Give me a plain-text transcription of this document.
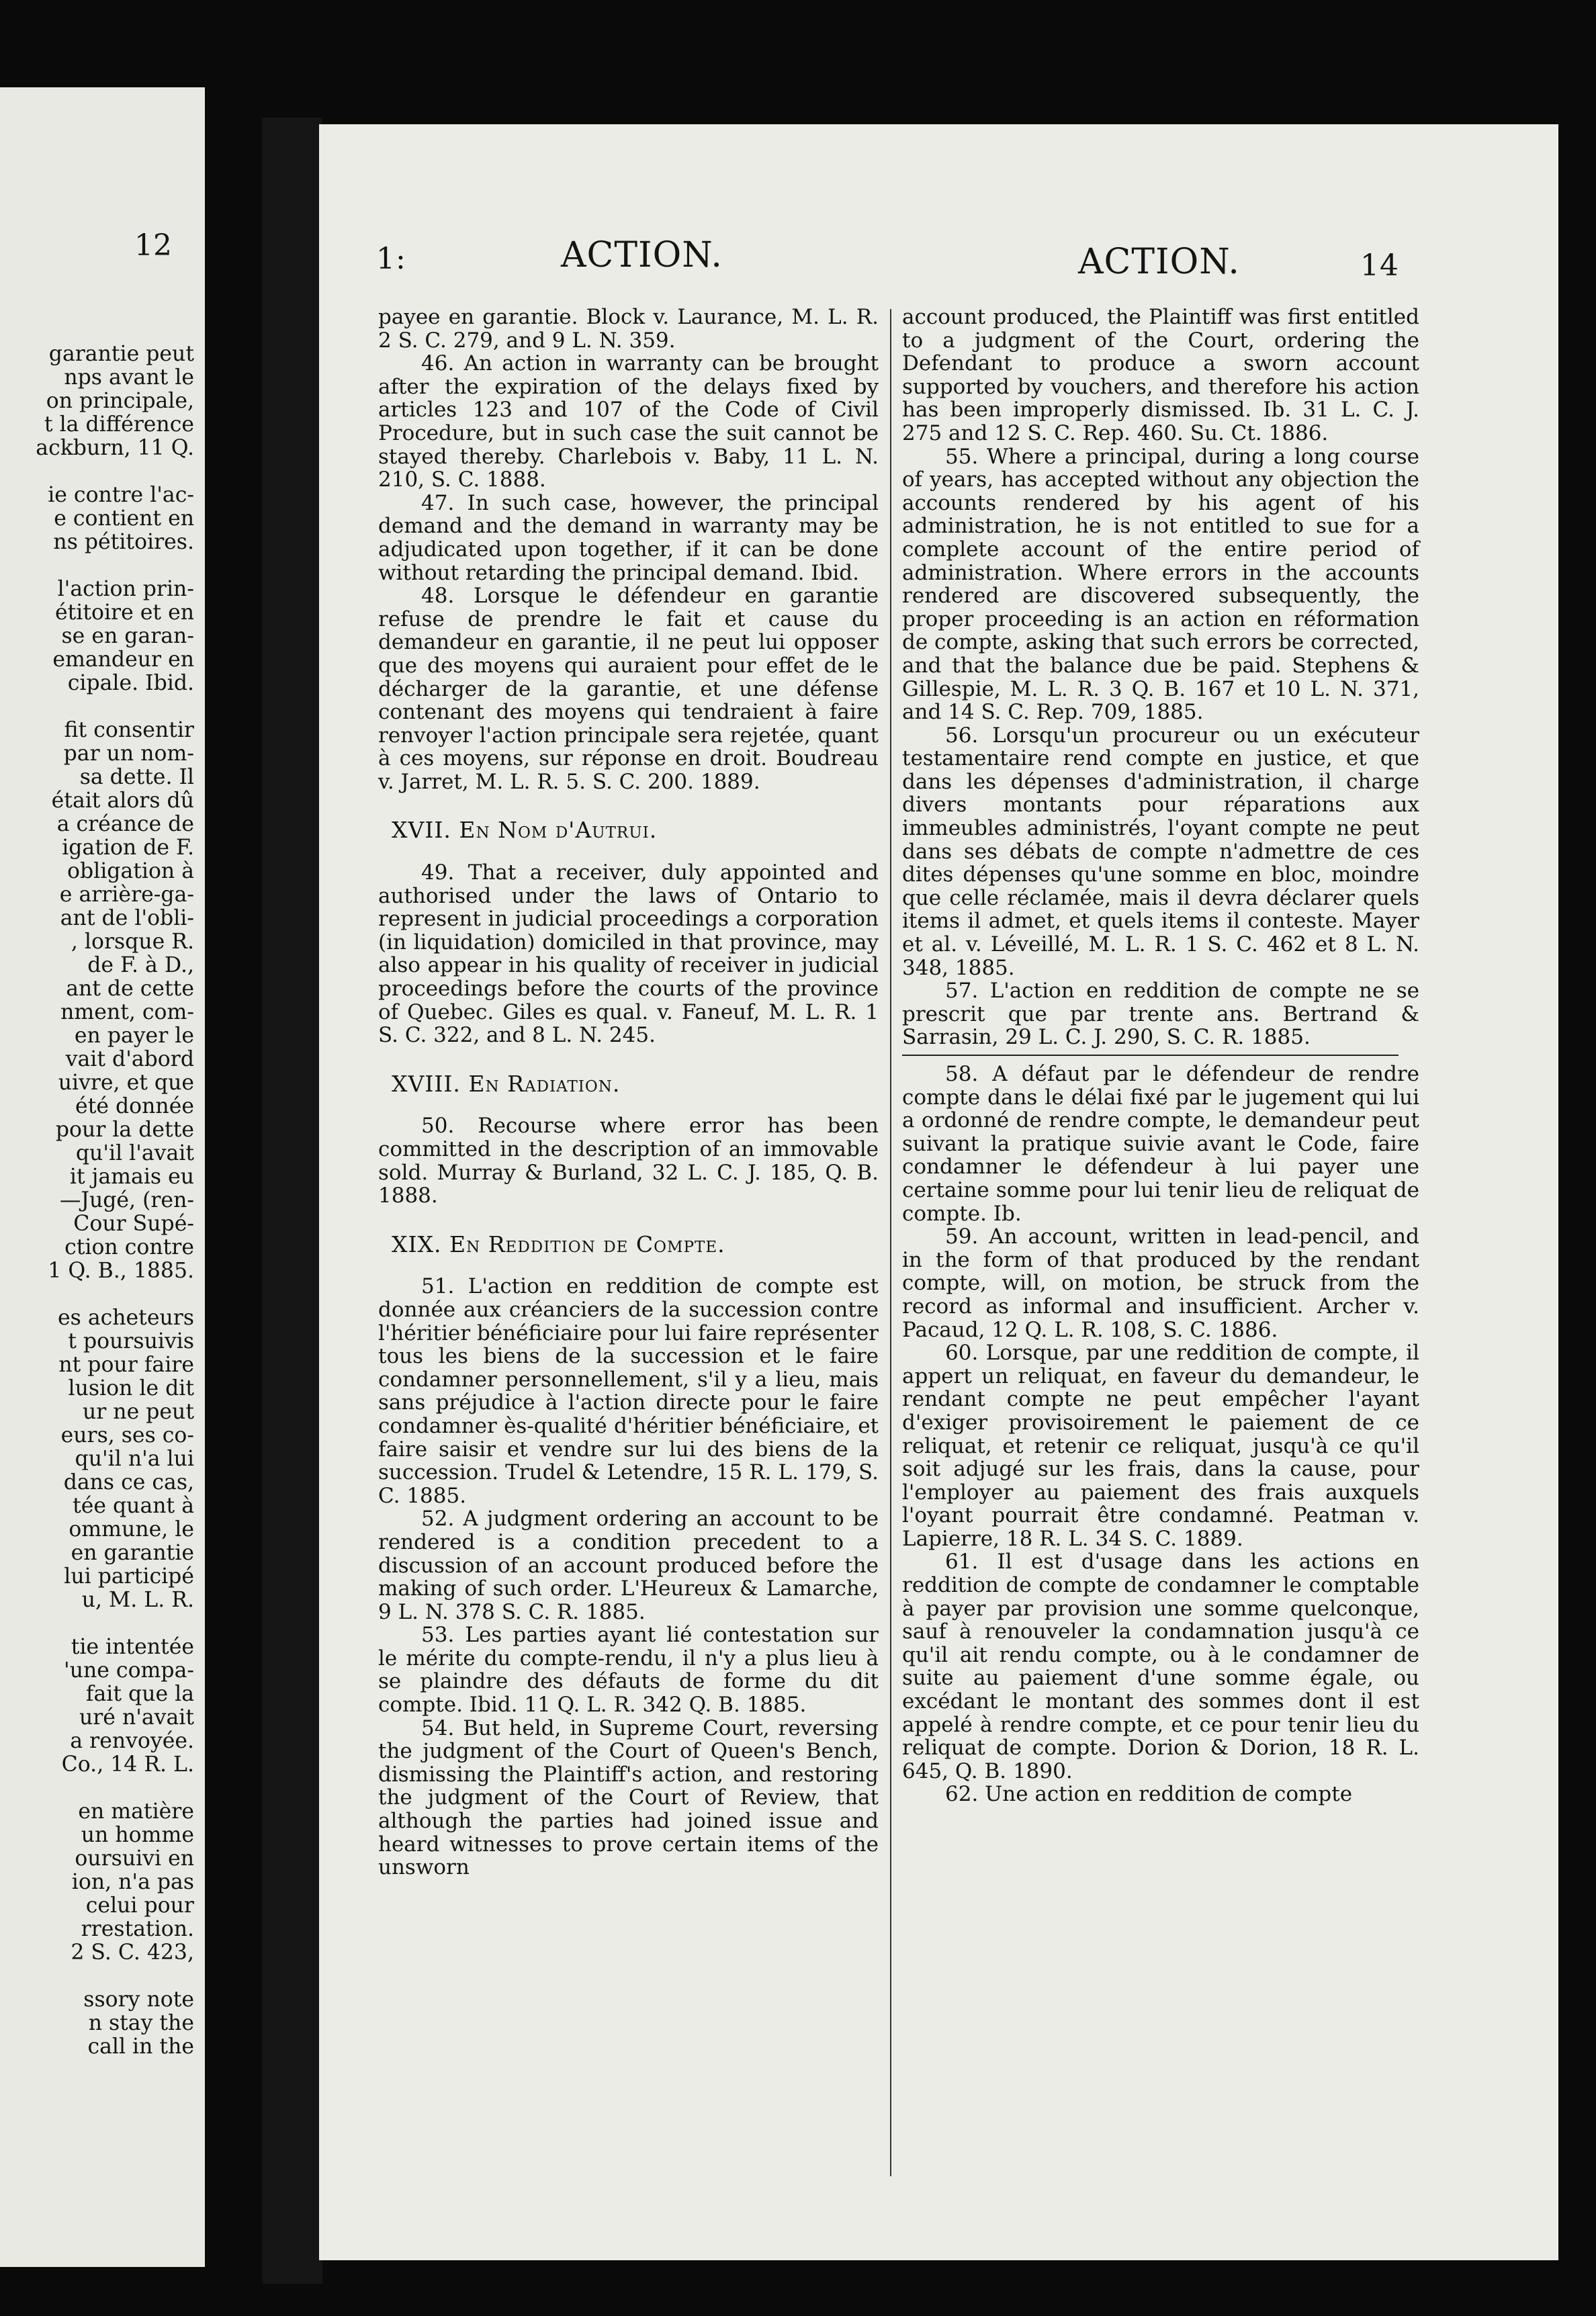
12
garantie peut
nps avant le
on principale,
t la différence
ackburn, 11 Q.
ie contre l'ac-
e contient en
ns pétitoires.
l'action prin-
étitoire et en
se en garan-
emandeur en
cipale. Ibid.
fit consentir
par un nom-
sa dette. Il
était alors dû
a créance de
igation de F.
obligation à
e arrière-ga-
ant de l'obli-
, lorsque R.
de F. à D.,
ant de cette
nment, com-
en payer le
vait d'abord
uivre, et que
été donnée
pour la dette
qu'il l'avait
it jamais eu
—Jugé, (ren-
Cour Supé-
ction contre
1 Q. B., 1885.
es acheteurs
t poursuivis
nt pour faire
lusion le dit
ur ne peut
eurs, ses co-
qu'il n'a lui
dans ce cas,
tée quant à
ommune, le
en garantie
lui participé
u, M. L. R.
tie intentée
'une compa-
fait que la
uré n'avait
a renvoyée.
Co., 14 R. L.
en matière
un homme
oursuivi en
ion, n'a pas
celui pour
rrestation.
2 S. C. 423,
ssory note
n stay the
call in the
1:	ACTION.	ACTION.	14

payee en garantie. Block v. Laurance, M. L. R. 2 S. C. 279, and 9 L. N. 359.

46. An action in warranty can be brought after the expiration of the delays fixed by articles 123 and 107 of the Code of Civil Procedure, but in such case the suit cannot be stayed thereby. Charlebois v. Baby, 11 L. N. 210, S. C. 1888.

47. In such case, however, the principal demand and the demand in warranty may be adjudicated upon together, if it can be done without retarding the principal demand. Ibid.

48. Lorsque le défendeur en garantie refuse de prendre le fait et cause du demandeur en garantie, il ne peut lui opposer que des moyens qui auraient pour effet de le décharger de la garantie, et une défense contenant des moyens qui tendraient à faire renvoyer l'action principale sera rejetée, quant à ces moyens, sur réponse en droit. Boudreau v. Jarret, M. L. R. 5. S. C. 200. 1889.

XVII. En Nom d'Autrui.

49. That a receiver, duly appointed and authorised under the laws of Ontario to represent in judicial proceedings a corporation (in liquidation) domiciled in that province, may also appear in his quality of receiver in judicial proceedings before the courts of the province of Quebec. Giles es qual. v. Faneuf, M. L. R. 1 S. C. 322, and 8 L. N. 245.

XVIII. En Radiation.

50. Recourse where error has been committed in the description of an immovable sold. Murray & Burland, 32 L. C. J. 185, Q. B. 1888.

XIX. En Reddition de Compte.

51. L'action en reddition de compte est donnée aux créanciers de la succession contre l'héritier bénéficiaire pour lui faire représenter tous les biens de la succession et le faire condamner personnellement, s'il y a lieu, mais sans préjudice à l'action directe pour le faire condamner ès-qualité d'héritier bénéficiaire, et faire saisir et vendre sur lui des biens de la succession. Trudel & Letendre, 15 R. L. 179, S. C. 1885.

52. A judgment ordering an account to be rendered is a condition precedent to a discussion of an account produced before the making of such order. L'Heureux & Lamarche, 9 L. N. 378 S. C. R. 1885.

53. Les parties ayant lié contestation sur le mérite du compte-rendu, il n'y a plus lieu à se plaindre des défauts de forme du dit compte. Ibid. 11 Q. L. R. 342 Q. B. 1885.

54. But held, in Supreme Court, reversing the judgment of the Court of Queen's Bench, dismissing the Plaintiff's action, and restoring the judgment of the Court of Review, that although the parties had joined issue and heard witnesses to prove certain items of the unsworn

account produced, the Plaintiff was first entitled to a judgment of the Court, ordering the Defendant to produce a sworn account supported by vouchers, and therefore his action has been improperly dismissed. Ib. 31 L. C. J. 275 and 12 S. C. Rep. 460. Su. Ct. 1886.

55. Where a principal, during a long course of years, has accepted without any objection the accounts rendered by his agent of his administration, he is not entitled to sue for a complete account of the entire period of administration. Where errors in the accounts rendered are discovered subsequently, the proper proceeding is an action en réformation de compte, asking that such errors be corrected, and that the balance due be paid. Stephens & Gillespie, M. L. R. 3 Q. B. 167 et 10 L. N. 371, and 14 S. C. Rep. 709, 1885.

56. Lorsqu'un procureur ou un exécuteur testamentaire rend compte en justice, et que dans les dépenses d'administration, il charge divers montants pour réparations aux immeubles administrés, l'oyant compte ne peut dans ses débats de compte n'admettre de ces dites dépenses qu'une somme en bloc, moindre que celle réclamée, mais il devra déclarer quels items il admet, et quels items il conteste. Mayer et al. v. Léveillé, M. L. R. 1 S. C. 462 et 8 L. N. 348, 1885.

57. L'action en reddition de compte ne se prescrit que par trente ans. Bertrand & Sarrasin, 29 L. C. J. 290, S. C. R. 1885.

58. A défaut par le défendeur de rendre compte dans le délai fixé par le jugement qui lui a ordonné de rendre compte, le demandeur peut suivant la pratique suivie avant le Code, faire condamner le défendeur à lui payer une certaine somme pour lui tenir lieu de reliquat de compte. Ib.

59. An account, written in lead-pencil, and in the form of that produced by the rendant compte, will, on motion, be struck from the record as informal and insufficient. Archer v. Pacaud, 12 Q. L. R. 108, S. C. 1886.

60. Lorsque, par une reddition de compte, il appert un reliquat, en faveur du demandeur, le rendant compte ne peut empêcher l'ayant d'exiger provisoirement le paiement de ce reliquat, et retenir ce reliquat, jusqu'à ce qu'il soit adjugé sur les frais, dans la cause, pour l'employer au paiement des frais auxquels l'oyant pourrait être condamné. Peatman v. Lapierre, 18 R. L. 34 S. C. 1889.

61. Il est d'usage dans les actions en reddition de compte de condamner le comptable à payer par provision une somme quelconque, sauf à renouveler la condamnation jusqu'à ce qu'il ait rendu compte, ou à le condamner de suite au paiement d'une somme égale, ou excédant le montant des sommes dont il est appelé à rendre compte, et ce pour tenir lieu du reliquat de compte. Dorion & Dorion, 18 R. L. 645, Q. B. 1890.

62. Une action en reddition de compte
